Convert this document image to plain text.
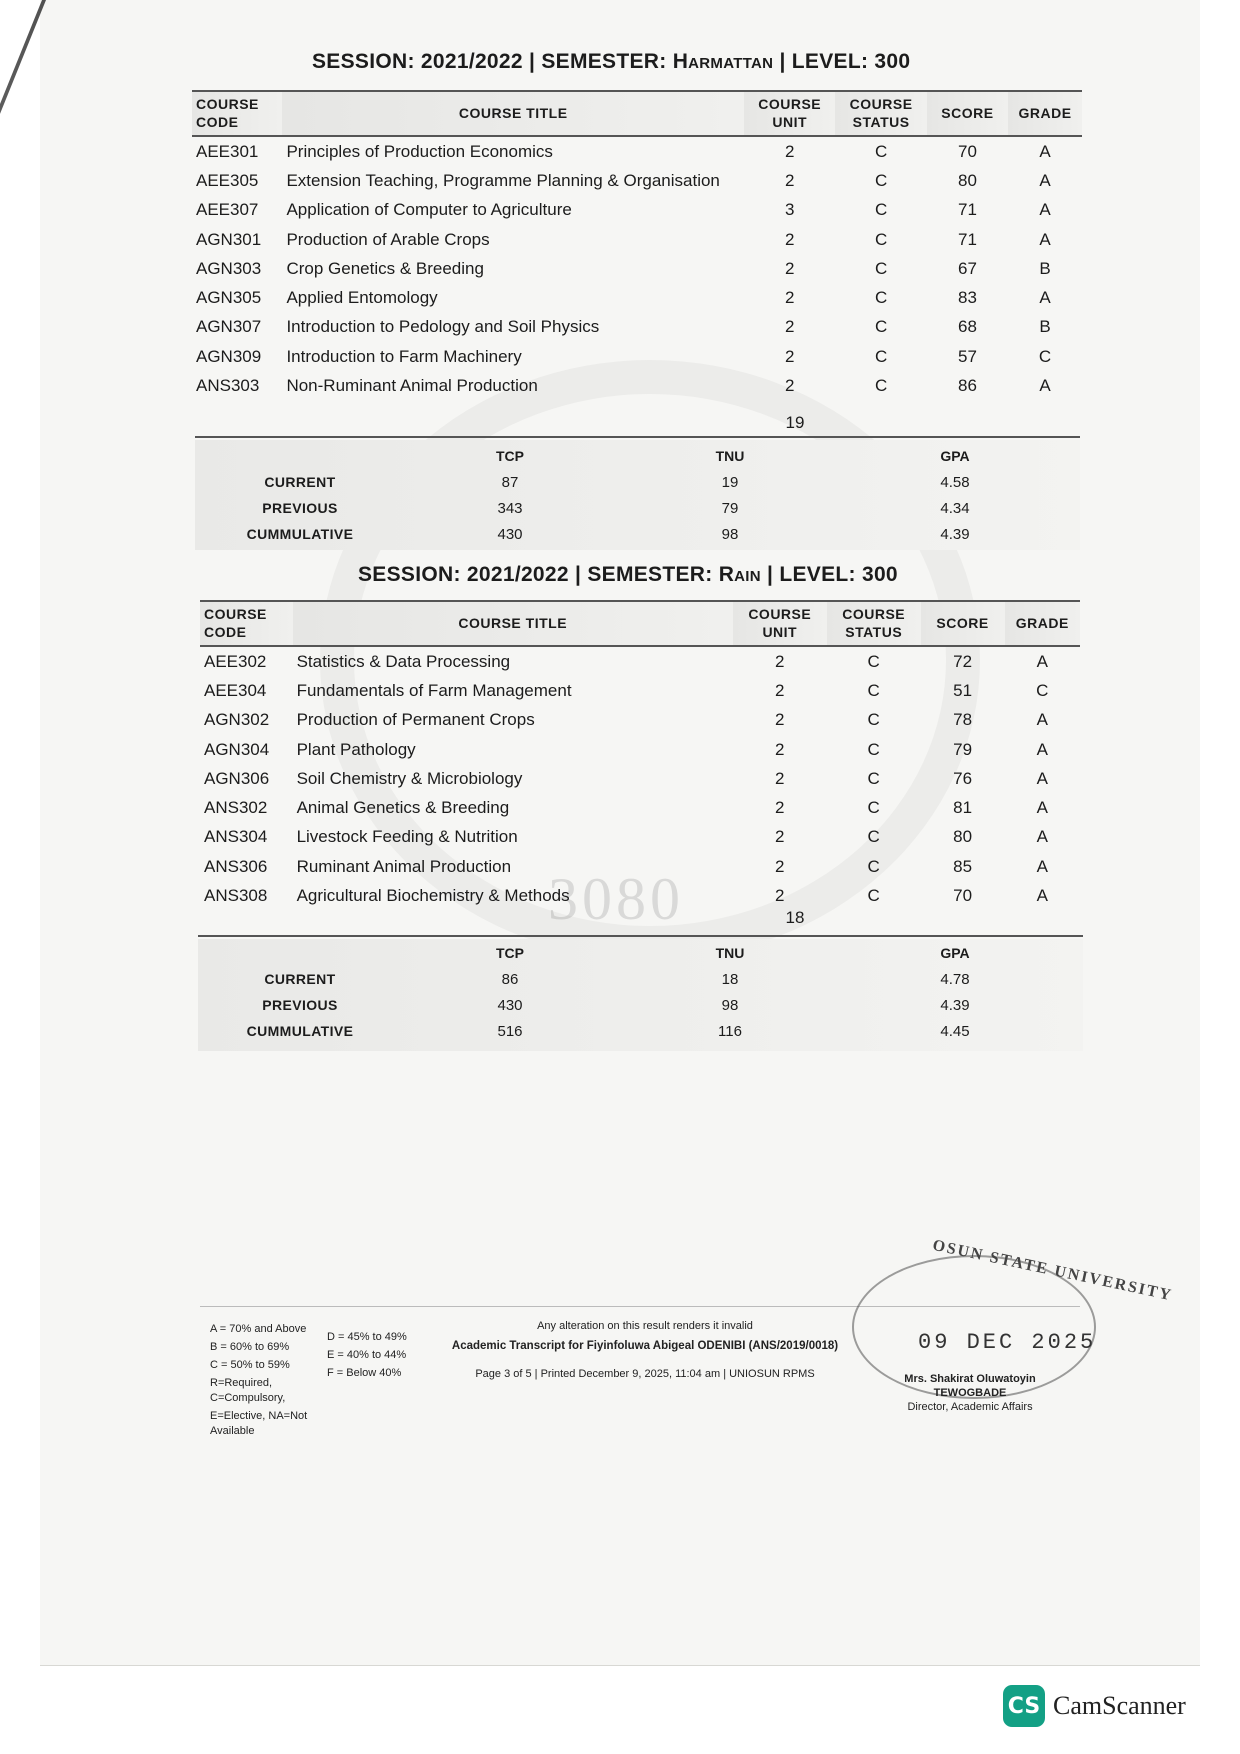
3080
SESSION: 2021/2022 | SEMESTER: Harmattan | LEVEL: 300
COURSE CODE	COURSE TITLE	COURSE UNIT	COURSE STATUS	SCORE	GRADE
AEE301	Principles of Production Economics	2	C	70	A
AEE305	Extension Teaching, Programme Planning & Organisation	2	C	80	A
AEE307	Application of Computer to Agriculture	3	C	71	A
AGN301	Production of Arable Crops	2	C	71	A
AGN303	Crop Genetics & Breeding	2	C	67	B
AGN305	Applied Entomology	2	C	83	A
AGN307	Introduction to Pedology and Soil Physics	2	C	68	B
AGN309	Introduction to Farm Machinery	2	C	57	C
ANS303	Non-Ruminant Animal Production	2	C	86	A
19
	TCP	TNU	GPA
CURRENT	87	19	4.58
PREVIOUS	343	79	4.34
CUMMULATIVE	430	98	4.39
SESSION: 2021/2022 | SEMESTER: Rain | LEVEL: 300
COURSE CODE	COURSE TITLE	COURSE UNIT	COURSE STATUS	SCORE	GRADE
AEE302	Statistics & Data Processing	2	C	72	A
AEE304	Fundamentals of Farm Management	2	C	51	C
AGN302	Production of Permanent Crops	2	C	78	A
AGN304	Plant Pathology	2	C	79	A
AGN306	Soil Chemistry & Microbiology	2	C	76	A
ANS302	Animal Genetics & Breeding	2	C	81	A
ANS304	Livestock Feeding & Nutrition	2	C	80	A
ANS306	Ruminant Animal Production	2	C	85	A
ANS308	Agricultural Biochemistry & Methods	2	C	70	A
18
	TCP	TNU	GPA
CURRENT	86	18	4.78
PREVIOUS	430	98	4.39
CUMMULATIVE	516	116	4.45
A = 70% and Above
B = 60% to 69%
C = 50% to 59%
R=Required, C=Compulsory,
E=Elective, NA=Not Available
D = 45% to 49%
E = 40% to 44%
F = Below 40%
Any alteration on this result renders it invalid
Academic Transcript for Fiyinfoluwa Abigeal ODENIBI (ANS/2019/0018)
Page 3 of 5 | Printed December 9, 2025, 11:04 am | UNIOSUN RPMS
OSUN STATE UNIVERSITY
09 DEC 2025
Mrs. Shakirat Oluwatoyin TEWOGBADE
Director, Academic Affairs
CS CamScanner
